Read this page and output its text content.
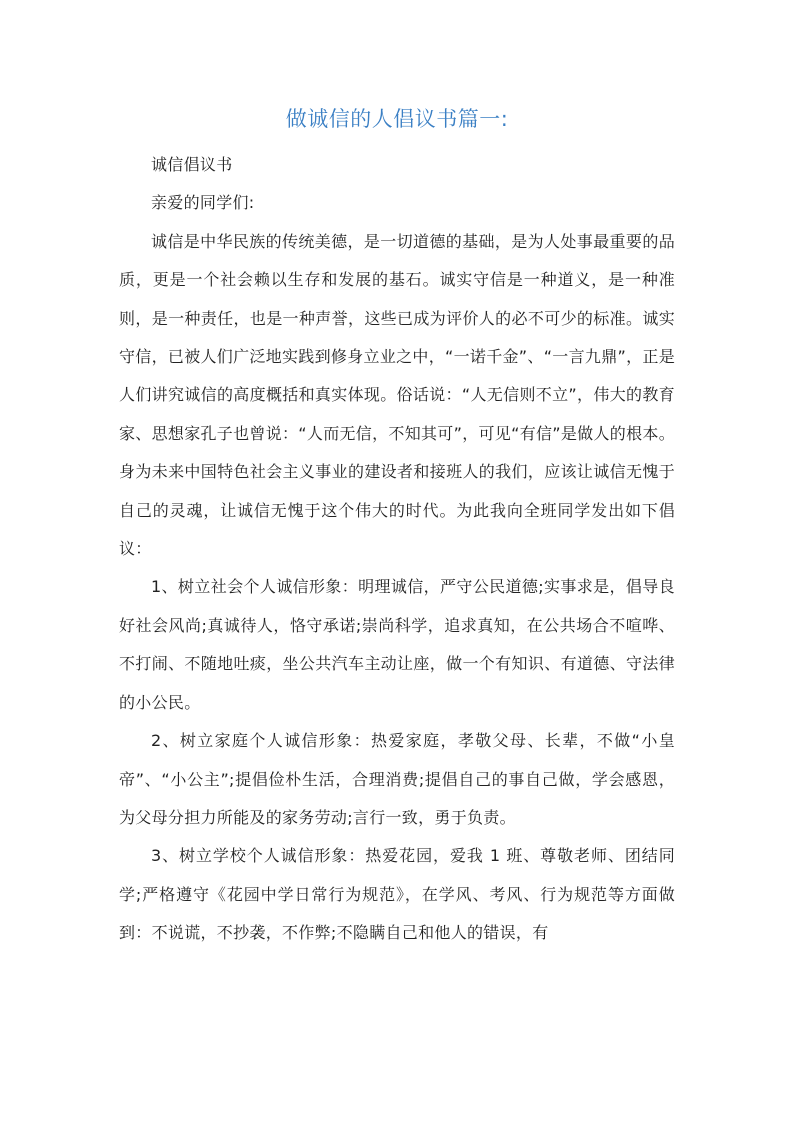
做诚信的人倡议书篇一:

诚信倡议书

亲爱的同学们:

诚信是中华民族的传统美德，是一切道德的基础，是为人处事最重要的品质，更是一个社会赖以生存和发展的基石。诚实守信是一种道义，是一种准则，是一种责任，也是一种声誉，这些已成为评价人的必不可少的标准。诚实守信，已被人们广泛地实践到修身立业之中，“一诺千金”、“一言九鼎”，正是人们讲究诚信的高度概括和真实体现。俗话说：“人无信则不立”，伟大的教育家、思想家孔子也曾说：“人而无信，不知其可”，可见“有信”是做人的根本。身为未来中国特色社会主义事业的建设者和接班人的我们，应该让诚信无愧于自己的灵魂，让诚信无愧于这个伟大的时代。为此我向全班同学发出如下倡议：

1、树立社会个人诚信形象：明理诚信，严守公民道德;实事求是，倡导良好社会风尚;真诚待人，恪守承诺;崇尚科学，追求真知，在公共场合不喧哗、不打闹、不随地吐痰，坐公共汽车主动让座，做一个有知识、有道德、守法律的小公民。

2、树立家庭个人诚信形象：热爱家庭，孝敬父母、长辈，不做“小皇帝”、“小公主”;提倡俭朴生活，合理消费;提倡自己的事自己做，学会感恩，为父母分担力所能及的家务劳动;言行一致，勇于负责。

3、树立学校个人诚信形象：热爱花园，爱我 1 班、尊敬老师、团结同学;严格遵守《花园中学日常行为规范》，在学风、考风、行为规范等方面做到：不说谎，不抄袭，不作弊;不隐瞒自己和他人的错误，有
